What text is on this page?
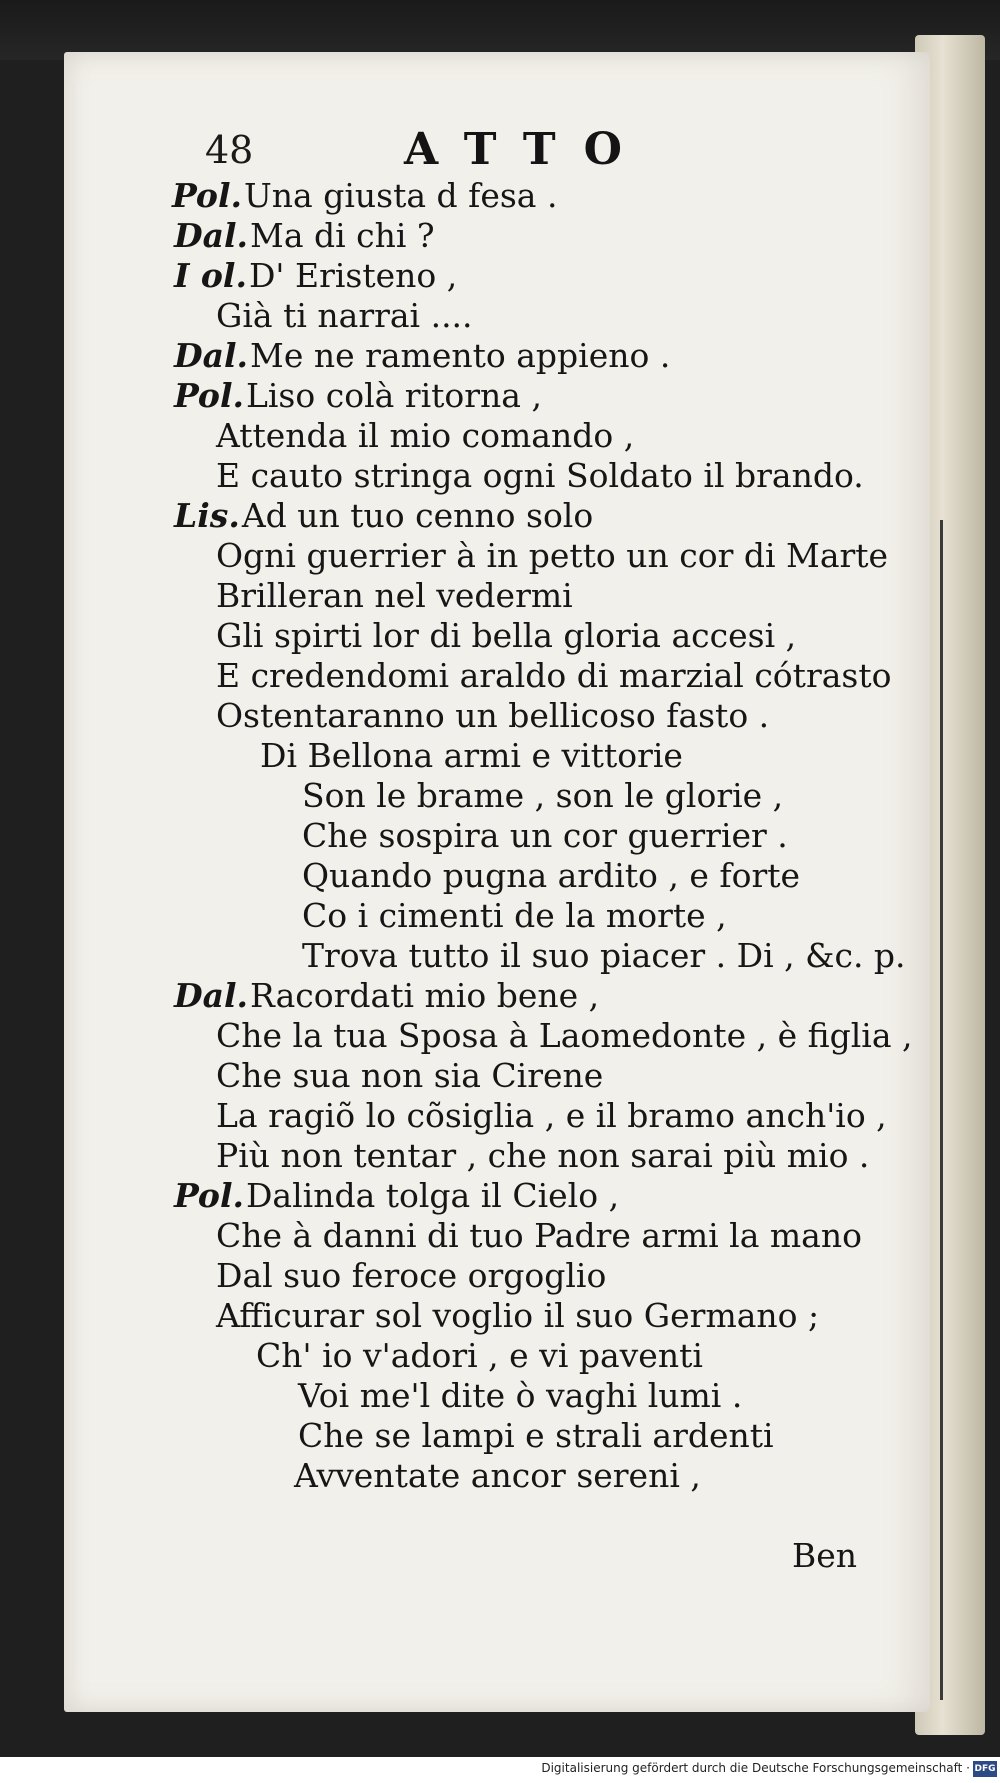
48	ATTO
Pol.Una giusta d fesa .
Dal.Ma di chi ?
I ol.D' Eristeno ,
Già ti narrai ....
Dal.Me ne ramento appieno .
Pol.Liso colà ritorna ,
Attenda il mio comando ,
E cauto stringa ogni Soldato il brando.
Lis.Ad un tuo cenno solo
Ogni guerrier à in petto un cor di Marte
Brilleran nel vedermi
Gli spirti lor di bella gloria accesi ,
E credendomi araldo di marzial cótrasto
Ostentaranno un bellicoso fasto .
Di Bellona armi e vittorie
Son le brame , son le glorie ,
Che sospira un cor guerrier .
Quando pugna ardito , e forte
Co i cimenti de la morte ,
Trova tutto il suo piacer . Di , &c. p.
Dal.Racordati mio bene ,
Che la tua Sposa à Laomedonte , è figlia ,
Che sua non sia Cirene
La ragiõ lo cõsiglia , e il bramo anch'io ,
Più non tentar , che non sarai più mio .
Pol.Dalinda tolga il Cielo ,
Che à danni di tuo Padre armi la mano
Dal suo feroce orgoglio
Afficurar sol voglio il suo Germano ;
Ch' io v'adori , e vi paventi
Voi me'l dite ò vaghi lumi .
Che se lampi e strali ardenti
Avventate ancor sereni ,
Ben
Digitalisierung gefördert durch die Deutsche Forschungsgemeinschaft · DFG
